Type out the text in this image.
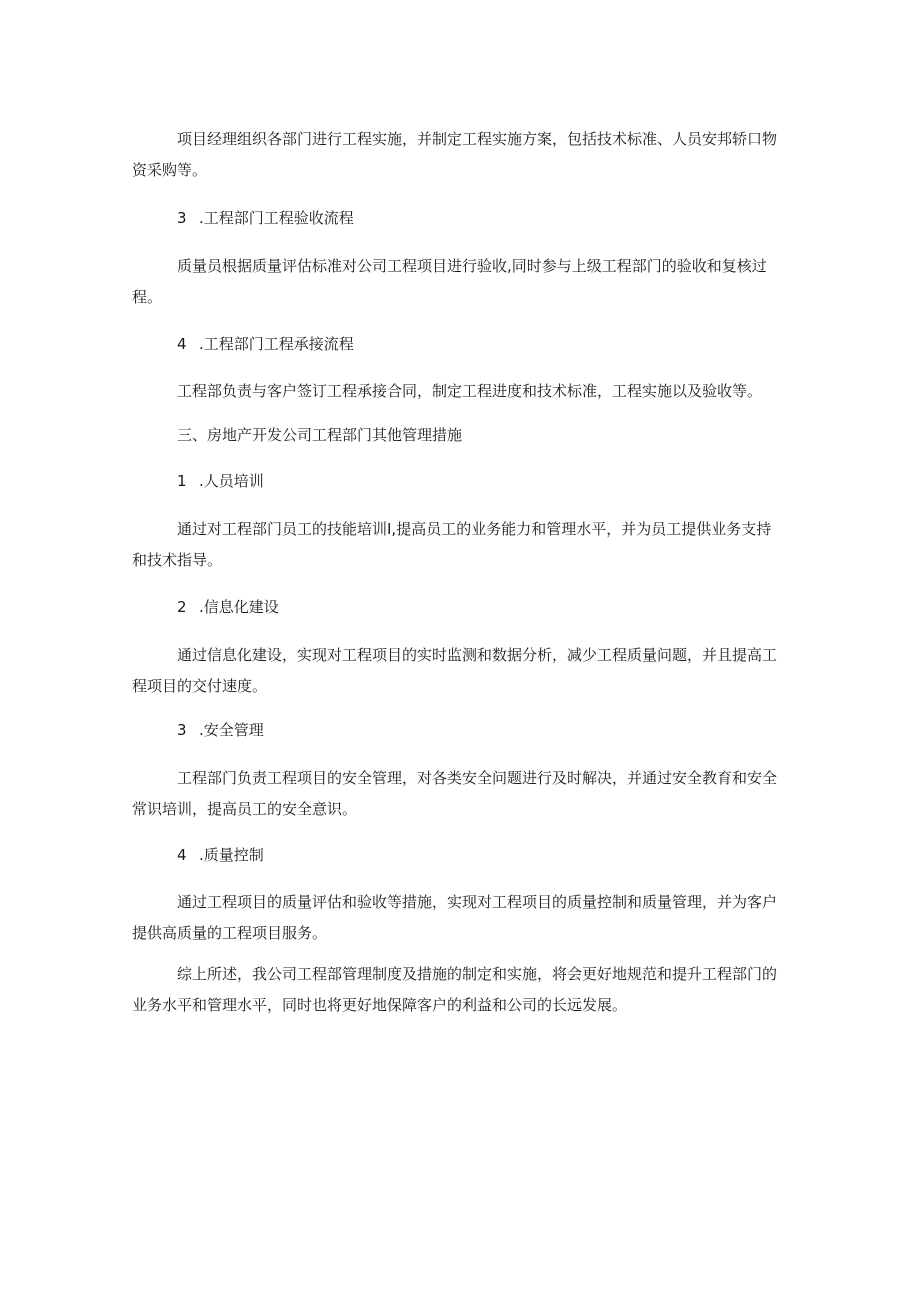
项目经理组织各部门进行工程实施，并制定工程实施方案，包括技术标准、人员安邦轿口物
资采购等。
3 .工程部门工程验收流程
质量员根据质量评估标准对公司工程项目进行验收,同时参与上级工程部门的验收和复核过
程。
4 .工程部门工程承接流程
工程部负责与客户签订工程承接合同，制定工程进度和技术标准，工程实施以及验收等。
三、房地产开发公司工程部门其他管理措施
1 .人员培训
通过对工程部门员工的技能培训I,提高员工的业务能力和管理水平，并为员工提供业务支持
和技术指导。
2 .信息化建设
通过信息化建设，实现对工程项目的实时监测和数据分析，减少工程质量问题，并且提高工
程项目的交付速度。
3 .安全管理
工程部门负责工程项目的安全管理，对各类安全问题进行及时解决，并通过安全教育和安全
常识培训，提高员工的安全意识。
4 .质量控制
通过工程项目的质量评估和验收等措施，实现对工程项目的质量控制和质量管理，并为客户
提供高质量的工程项目服务。
综上所述，我公司工程部管理制度及措施的制定和实施，将会更好地规范和提升工程部门的
业务水平和管理水平，同时也将更好地保障客户的利益和公司的长远发展。
